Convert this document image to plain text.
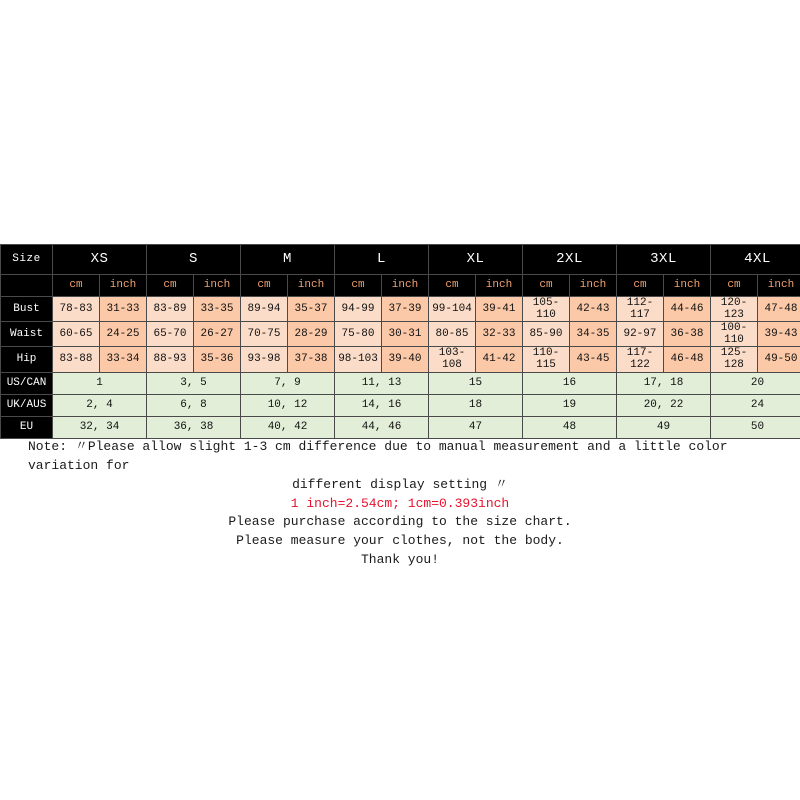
Size	XS		S		M		L		XL		2XL		3XL		4XL	
	cm	inch	cm	inch	cm	inch	cm	inch	cm	inch	cm	inch	cm	inch	cm	inch
Bust	78-83	31-33	83-89	33-35	89-94	35-37	94-99	37-39	99-104	39-41	105-110	42-43	112-117	44-46	120-123	47-48
Waist	60-65	24-25	65-70	26-27	70-75	28-29	75-80	30-31	80-85	32-33	85-90	34-35	92-97	36-38	100-110	39-43
Hip	83-88	33-34	88-93	35-36	93-98	37-38	98-103	39-40	103-108	41-42	110-115	43-45	117-122	46-48	125-128	49-50
US/CAN	1		3, 5		7, 9		11, 13		15		16		17, 18		20	
UK/AUS	2, 4		6, 8		10, 12		14, 16		18		19		20, 22		24	
EU	32, 34		36, 38		40, 42		44, 46		47		48		49		50	
Note: 〃Please allow slight 1-3 cm difference due to manual measurement and a little color variation for
different display setting 〃
1 inch=2.54cm; 1cm=0.393inch
Please purchase according to the size chart.
Please measure your clothes, not the body.
Thank you!
